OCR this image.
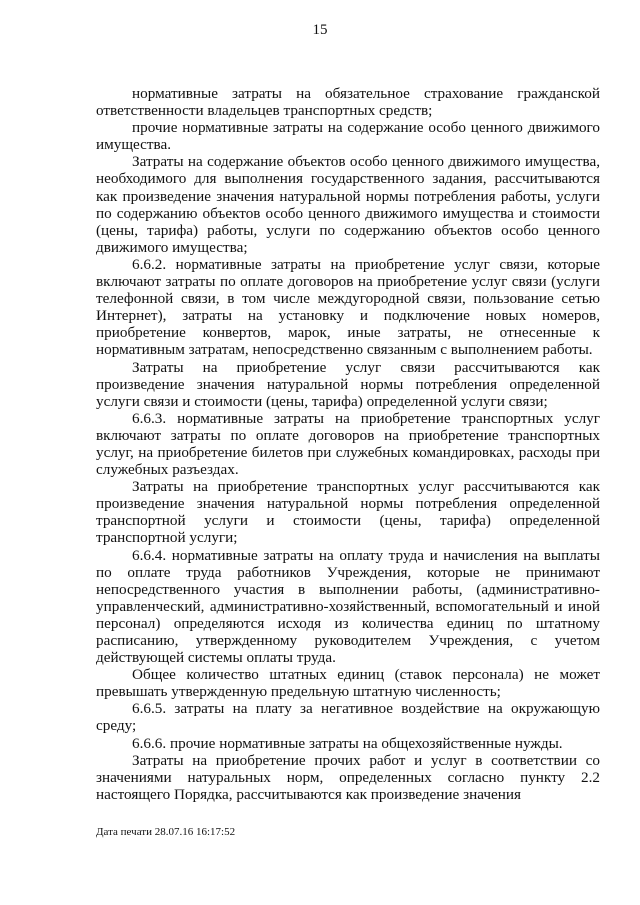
15

нормативные затраты на обязательное страхование гражданской ответственности владельцев транспортных средств;

прочие нормативные затраты на содержание особо ценного движимого имущества.

Затраты на содержание объектов особо ценного движимого имущества, необходимого для выполнения государственного задания, рассчитываются как произведение значения натуральной нормы потребления работы, услуги по содержанию объектов особо ценного движимого имущества и стоимости (цены, тарифа) работы, услуги по содержанию объектов особо ценного движимого имущества;

6.6.2. нормативные затраты на приобретение услуг связи, которые включают затраты по оплате договоров на приобретение услуг связи (услуги телефонной связи, в том числе междугородной связи, пользование сетью Интернет), затраты на установку и подключение новых номеров, приобретение конвертов, марок, иные затраты, не отнесенные к нормативным затратам, непосредственно связанным с выполнением работы.

Затраты на приобретение услуг связи рассчитываются как произведение значения натуральной нормы потребления определенной услуги связи и стоимости (цены, тарифа) определенной услуги связи;

6.6.3. нормативные затраты на приобретение транспортных услуг включают затраты по оплате договоров на приобретение транспортных услуг, на приобретение билетов при служебных командировках, расходы при служебных разъездах.

Затраты на приобретение транспортных услуг рассчитываются как произведение значения натуральной нормы потребления определенной транспортной услуги и стоимости (цены, тарифа) определенной транспортной услуги;

6.6.4. нормативные затраты на оплату труда и начисления на выплаты по оплате труда работников Учреждения, которые не принимают непосредственного участия в выполнении работы, (административно-управленческий, административно-хозяйственный, вспомогательный и иной персонал) определяются исходя из количества единиц по штатному расписанию, утвержденному руководителем Учреждения, с учетом действующей системы оплаты труда.

Общее количество штатных единиц (ставок персонала) не может превышать утвержденную предельную штатную численность;

6.6.5. затраты на плату за негативное воздействие на окружающую среду;

6.6.6. прочие нормативные затраты на общехозяйственные нужды.

Затраты на приобретение прочих работ и услуг в соответствии со значениями натуральных норм, определенных согласно пункту 2.2 настоящего Порядка, рассчитываются как произведение значения

Дата печати 28.07.16 16:17:52
